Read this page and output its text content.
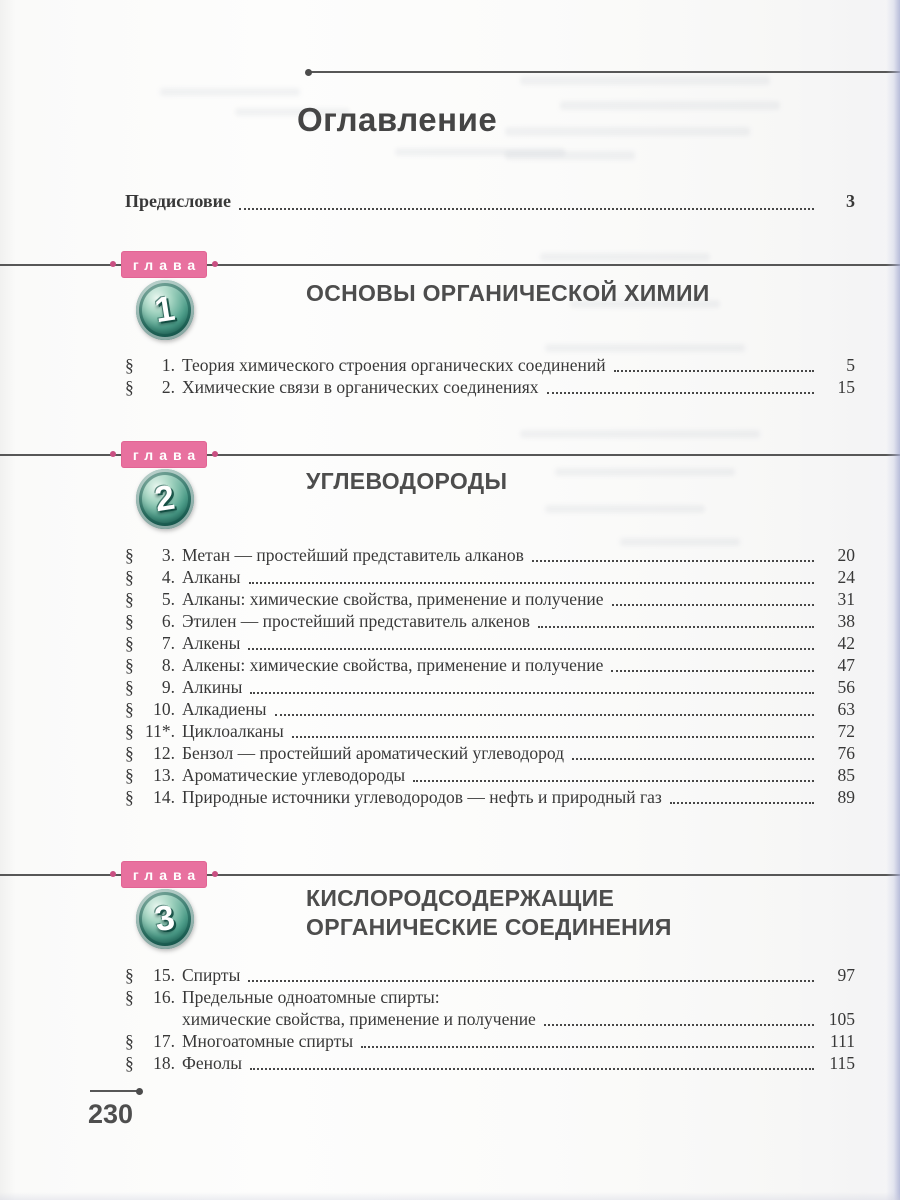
Оглавление
Предисловие	3
глава
1	ОСНОВЫ ОРГАНИЧЕСКОЙ ХИМИИ
§ 1. Теория химического строения органических соединений	5
§ 2. Химические связи в органических соединениях	15
глава
2	УГЛЕВОДОРОДЫ
§ 3. Метан — простейший представитель алканов	20
§ 4. Алканы	24
§ 5. Алканы: химические свойства, применение и получение	31
§ 6. Этилен — простейший представитель алкенов	38
§ 7. Алкены	42
§ 8. Алкены: химические свойства, применение и получение	47
§ 9. Алкины	56
§ 10. Алкадиены	63
§ 11*. Циклоалканы	72
§ 12. Бензол — простейший ароматический углеводород	76
§ 13. Ароматические углеводороды	85
§ 14. Природные источники углеводородов — нефть и природный газ	89
глава
3	КИСЛОРОДСОДЕРЖАЩИЕ
ОРГАНИЧЕСКИЕ СОЕДИНЕНИЯ
§ 15. Спирты	97
§ 16. Предельные одноатомные спирты:
химические свойства, применение и получение	105
§ 17. Многоатомные спирты	111
§ 18. Фенолы	115
230
